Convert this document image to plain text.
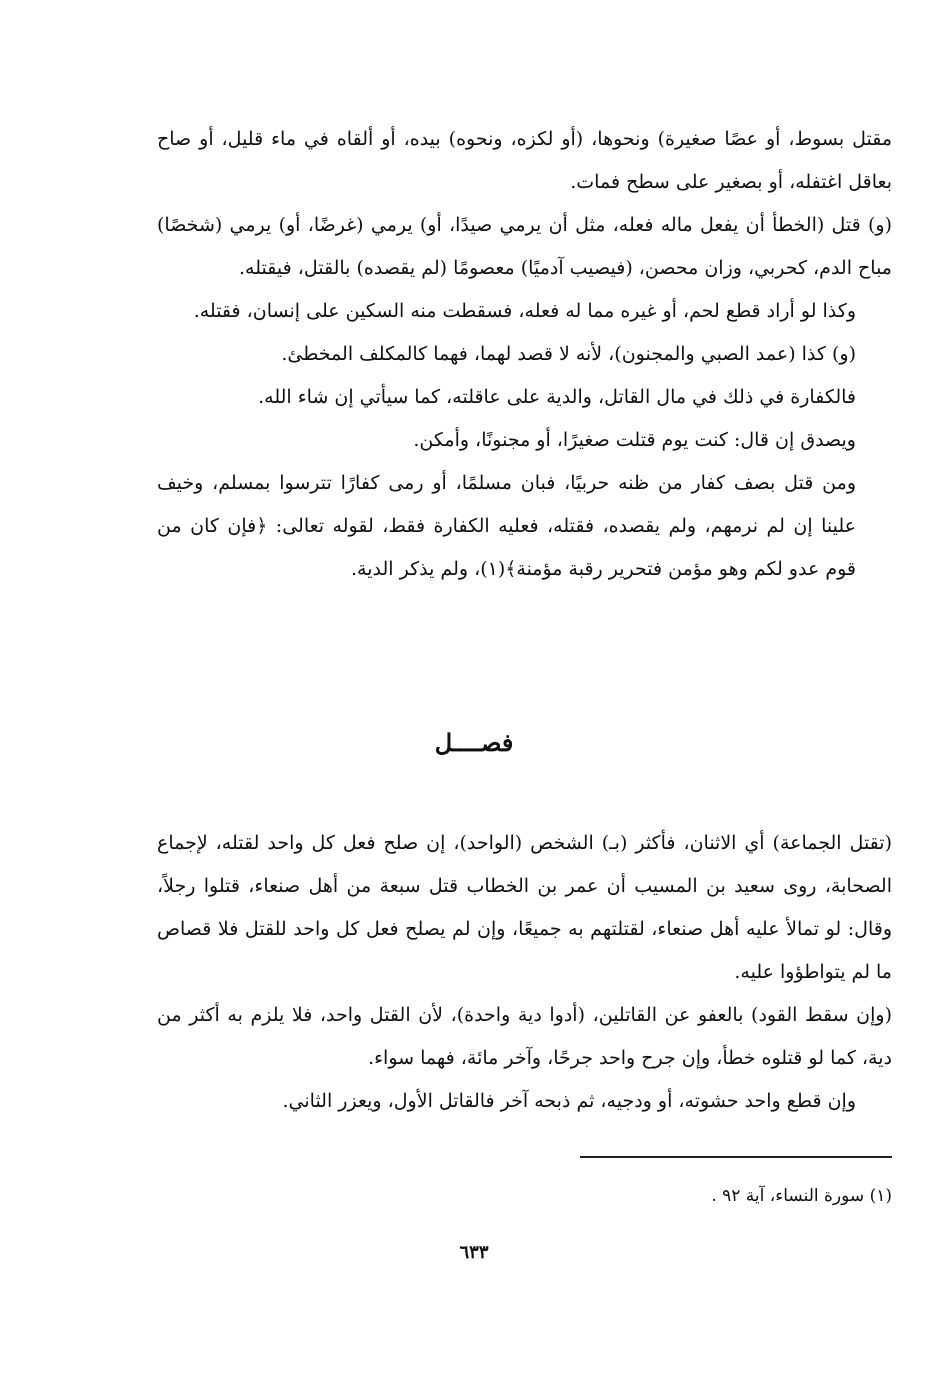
مقتل بسوط، أو عصًا صغيرة) ونحوها، (أو لكزه، ونحوه) بيده، أو ألقاه في ماء قليل، أو صاح بعاقل اغتفله، أو بصغير على سطح فمات.

(و) قتل (الخطأ أن يفعل ماله فعله، مثل أن يرمي صيدًا، أو) يرمي (غرضًا، أو) يرمي (شخصًا) مباح الدم، كحربي، وزان محصن، (فيصيب آدميًا) معصومًا (لم يقصده) بالقتل، فيقتله.

وكذا لو أراد قطع لحم، أو غيره مما له فعله، فسقطت منه السكين على إنسان، فقتله.

(و) كذا (عمد الصبي والمجنون)، لأنه لا قصد لهما، فهما كالمكلف المخطئ.

فالكفارة في ذلك في مال القاتل، والدية على عاقلته، كما سيأتي إن شاء الله.

ويصدق إن قال: كنت يوم قتلت صغيرًا، أو مجنونًا، وأمكن.

ومن قتل بصف كفار من ظنه حربيًا، فبان مسلمًا، أو رمى كفارًا تترسوا بمسلم، وخيف علينا إن لم نرمهم، ولم يقصده، فقتله، فعليه الكفارة فقط، لقوله تعالى: ﴿فإن كان من قوم عدو لكم وهو مؤمن فتحرير رقبة مؤمنة﴾(١)، ولم يذكر الدية.

فصــــل

(تقتل الجماعة) أي الاثنان، فأكثر (بـ) الشخص (الواحد)، إن صلح فعل كل واحد لقتله، لإجماع الصحابة، روى سعيد بن المسيب أن عمر بن الخطاب قتل سبعة من أهل صنعاء، قتلوا رجلاً، وقال: لو تمالأ عليه أهل صنعاء، لقتلتهم به جميعًا، وإن لم يصلح فعل كل واحد للقتل فلا قصاص ما لم يتواطؤوا عليه.

(وإن سقط القود) بالعفو عن القاتلين، (أدوا دية واحدة)، لأن القتل واحد، فلا يلزم به أكثر من دية، كما لو قتلوه خطأ، وإن جرح واحد جرحًا، وآخر مائة، فهما سواء.

وإن قطع واحد حشوته، أو ودجيه، ثم ذبحه آخر فالقاتل الأول، ويعزر الثاني.

(١) سورة النساء، آية ٩٢ .
٦٣٣
